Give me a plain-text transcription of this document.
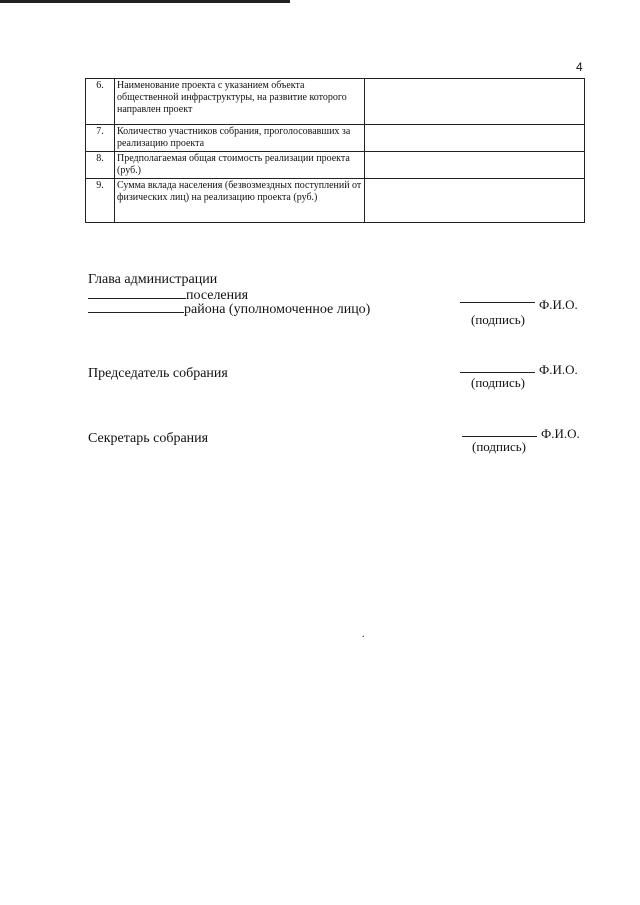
4
6.	Наименование проекта с указанием объекта общественной инфраструктуры, на развитие которого направлен проект	
7.	Количество участников собрания, проголосовавших за реализацию проекта	
8.	Предполагаемая общая стоимость реализации проекта (руб.)	
9.	Сумма вклада населения (безвозмездных поступлений от физических лиц) на реализацию проекта (руб.)	
Глава администрации
поселения
района (уполномоченное лицо)	Ф.И.О.
(подпись)
Председатель собрания	Ф.И.О.
(подпись)
Секретарь собрания	Ф.И.О.
(подпись)
.
